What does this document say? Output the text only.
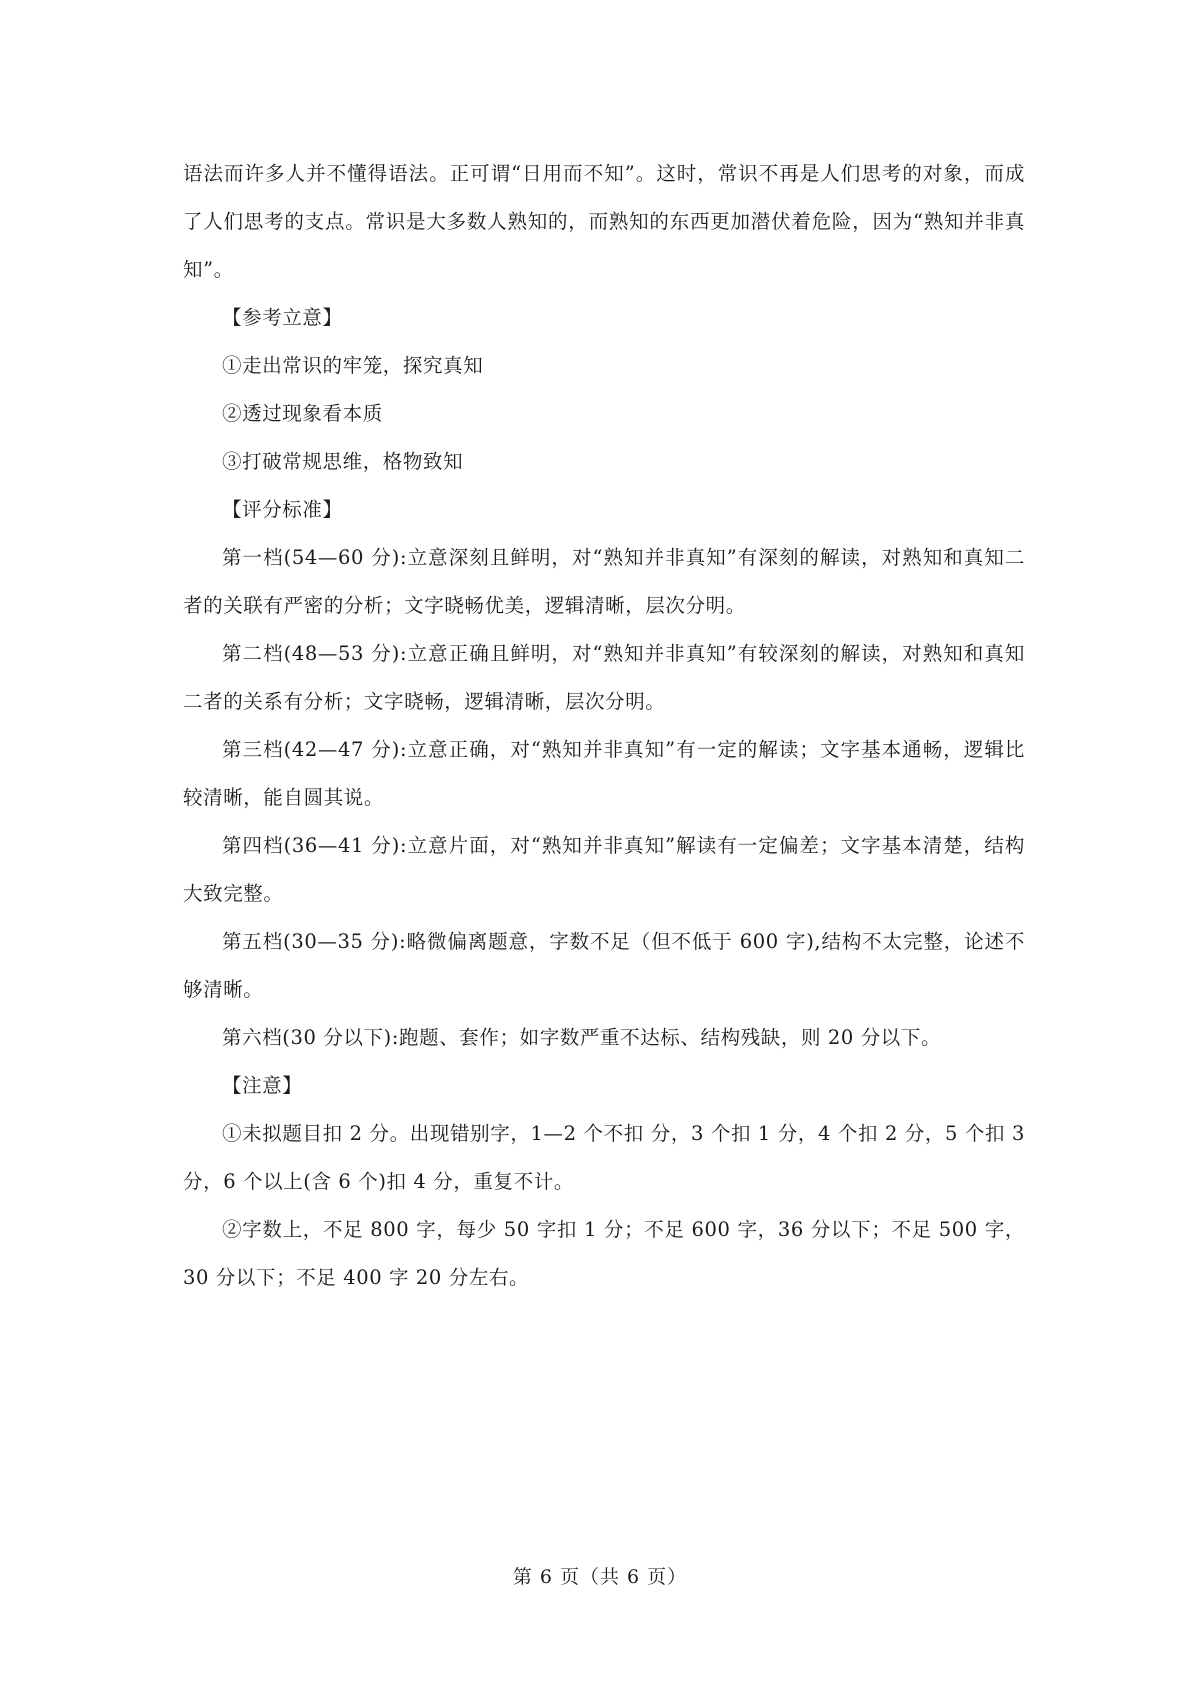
语法而许多人并不懂得语法。正可谓“日用而不知”。这时，常识不再是人们思考的对象，而成了人们思考的支点。常识是大多数人熟知的，而熟知的东西更加潜伏着危险，因为“熟知并非真知”。

【参考立意】

①走出常识的牢笼，探究真知

②透过现象看本质

③打破常规思维，格物致知

【评分标准】

第一档(54—60 分):立意深刻且鲜明，对“熟知并非真知”有深刻的解读，对熟知和真知二者的关联有严密的分析；文字晓畅优美，逻辑清晰，层次分明。

第二档(48—53 分):立意正确且鲜明，对“熟知并非真知”有较深刻的解读，对熟知和真知二者的关系有分析；文字晓畅，逻辑清晰，层次分明。

第三档(42—47 分):立意正确，对“熟知并非真知”有一定的解读；文字基本通畅，逻辑比较清晰，能自圆其说。

第四档(36—41 分):立意片面，对“熟知并非真知”解读有一定偏差；文字基本清楚，结构大致完整。

第五档(30—35 分):略微偏离题意，字数不足（但不低于 600 字),结构不太完整，论述不够清晰。

第六档(30 分以下):跑题、套作；如字数严重不达标、结构残缺，则 20 分以下。

【注意】

①未拟题目扣 2 分。出现错别字，1—2 个不扣 分，3 个扣 1 分，4 个扣 2 分，5 个扣 3 分，6 个以上(含 6 个)扣 4 分，重复不计。

②字数上，不足 800 字，每少 50 字扣 1 分；不足 600 字，36 分以下；不足 500 字，30 分以下；不足 400 字 20 分左右。

第 6 页（共 6 页）
